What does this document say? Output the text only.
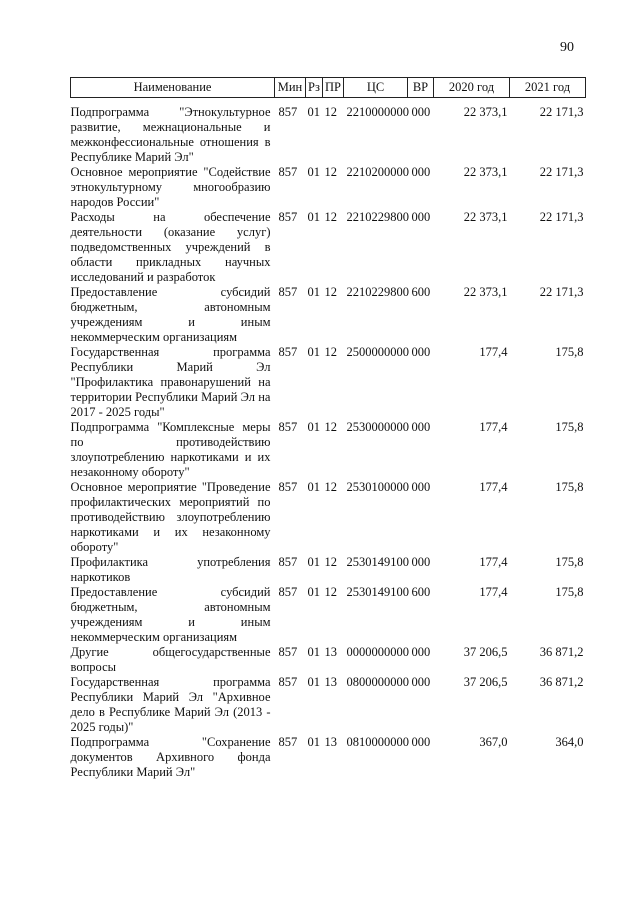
90
Наименование	Мин	Рз	ПР	ЦС	ВР	2020 год	2021 год
Подпрограмма "Этнокультурное развитие, межнациональные и межконфессиональные отношения в Республике Марий Эл"	857	01	12	2210000000	000	22 373,1	22 171,3
Основное мероприятие "Содействие этнокультурному многообразию народов России"	857	01	12	2210200000	000	22 373,1	22 171,3
Расходы на обеспечение деятельности (оказание услуг) подведомственных учреждений в области прикладных научных исследований и разработок	857	01	12	2210229800	000	22 373,1	22 171,3
Предоставление субсидий бюджетным, автономным учреждениям и иным некоммерческим организациям	857	01	12	2210229800	600	22 373,1	22 171,3
Государственная программа Республики Марий Эл "Профилактика правонарушений на территории Республики Марий Эл на 2017 - 2025 годы"	857	01	12	2500000000	000	177,4	175,8
Подпрограмма "Комплексные меры по противодействию злоупотреблению наркотиками и их незаконному обороту"	857	01	12	2530000000	000	177,4	175,8
Основное мероприятие "Проведение профилактических мероприятий по противодействию злоупотреблению наркотиками и их незаконному обороту"	857	01	12	2530100000	000	177,4	175,8
Профилактика употребления наркотиков	857	01	12	2530149100	000	177,4	175,8
Предоставление субсидий бюджетным, автономным учреждениям и иным некоммерческим организациям	857	01	12	2530149100	600	177,4	175,8
Другие общегосударственные вопросы	857	01	13	0000000000	000	37 206,5	36 871,2
Государственная программа Республики Марий Эл "Архивное дело в Республике Марий Эл (2013 - 2025 годы)"	857	01	13	0800000000	000	37 206,5	36 871,2
Подпрограмма "Сохранение документов Архивного фонда Республики Марий Эл"	857	01	13	0810000000	000	367,0	364,0
